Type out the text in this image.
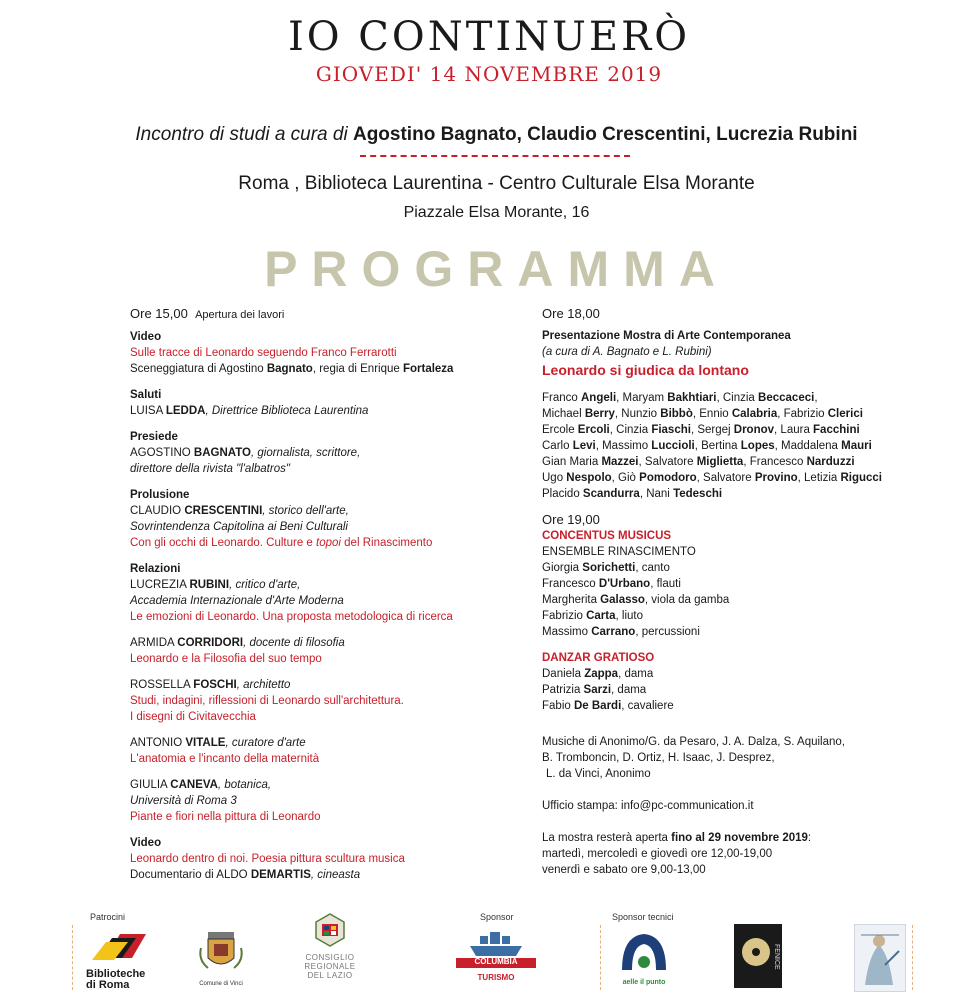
IO CONTINUERÒ
GIOVEDI' 14 NOVEMBRE 2019
Incontro di studi a cura di Agostino Bagnato, Claudio Crescentini, Lucrezia Rubini
Roma , Biblioteca Laurentina - Centro Culturale Elsa Morante
Piazzale Elsa Morante, 16
PROGRAMMA
Ore 15,00 Apertura dei lavori
Video
Sulle tracce di Leonardo seguendo Franco Ferrarotti
Sceneggiatura di Agostino Bagnato, regia di Enrique Fortaleza
Saluti
LUISA LEDDA, Direttrice Biblioteca Laurentina
Presiede
AGOSTINO BAGNATO, giornalista, scrittore,
direttore della rivista "l'albatros"
Prolusione
CLAUDIO CRESCENTINI, storico dell'arte,
Sovrintendenza Capitolina ai Beni Culturali
Con gli occhi di Leonardo. Culture e topoi del Rinascimento
Relazioni
LUCREZIA RUBINI, critico d'arte,
Accademia Internazionale d'Arte Moderna
Le emozioni di Leonardo. Una proposta metodologica di ricerca
ARMIDA CORRIDORI, docente di filosofia
Leonardo e la Filosofia del suo tempo
ROSSELLA FOSCHI, architetto
Studi, indagini, riflessioni di Leonardo sull'architettura.
I disegni di Civitavecchia
ANTONIO VITALE, curatore d'arte
L'anatomia e l'incanto della maternità
GIULIA CANEVA, botanica,
Università di Roma 3
Piante e fiori nella pittura di Leonardo
Video
Leonardo dentro di noi. Poesia pittura scultura musica
Documentario di ALDO DEMARTIS, cineasta
Ore 18,00
Presentazione Mostra di Arte Contemporanea
(a cura di A. Bagnato e L. Rubini)
Leonardo si giudica da lontano
Franco Angeli, Maryam Bakhtiari, Cinzia Beccaceci,
Michael Berry, Nunzio Bibbò, Ennio Calabria, Fabrizio Clerici
Ercole Ercoli, Cinzia Fiaschi, Sergej Dronov, Laura Facchini
Carlo Levi, Massimo Luccioli, Bertina Lopes, Maddalena Mauri
Gian Maria Mazzei, Salvatore Miglietta, Francesco Narduzzi
Ugo Nespolo, Giò Pomodoro, Salvatore Provino, Letizia Rigucci
Placido Scandurra, Nani Tedeschi
Ore 19,00
CONCENTUS MUSICUS
ENSEMBLE RINASCIMENTO
Giorgia Sorichetti, canto
Francesco D'Urbano, flauti
Margherita Galasso, viola da gamba
Fabrizio Carta, liuto
Massimo Carrano, percussioni
DANZAR GRATIOSO
Daniela Zappa, dama
Patrizia Sarzi, dama
Fabio De Bardi, cavaliere
Musiche di Anonimo/G. da Pesaro, J. A. Dalza, S. Aquilano,
B. Tromboncin, D. Ortiz, H. Isaac, J. Desprez,
L. da Vinci, Anonimo
Ufficio stampa: info@pc-communication.it
La mostra resterà aperta fino al 29 novembre 2019:
martedì, mercoledì e giovedì ore 12,00-19,00
venerdì e sabato ore 9,00-13,00
Patrocini	Sponsor	Sponsor tecnici
Biblioteche
di Roma	Comune di Vinci
CONSIGLIO
REGIONALE
DEL LAZIO
COLUMBIA
TURISMO
aelle il punto
FENICE
